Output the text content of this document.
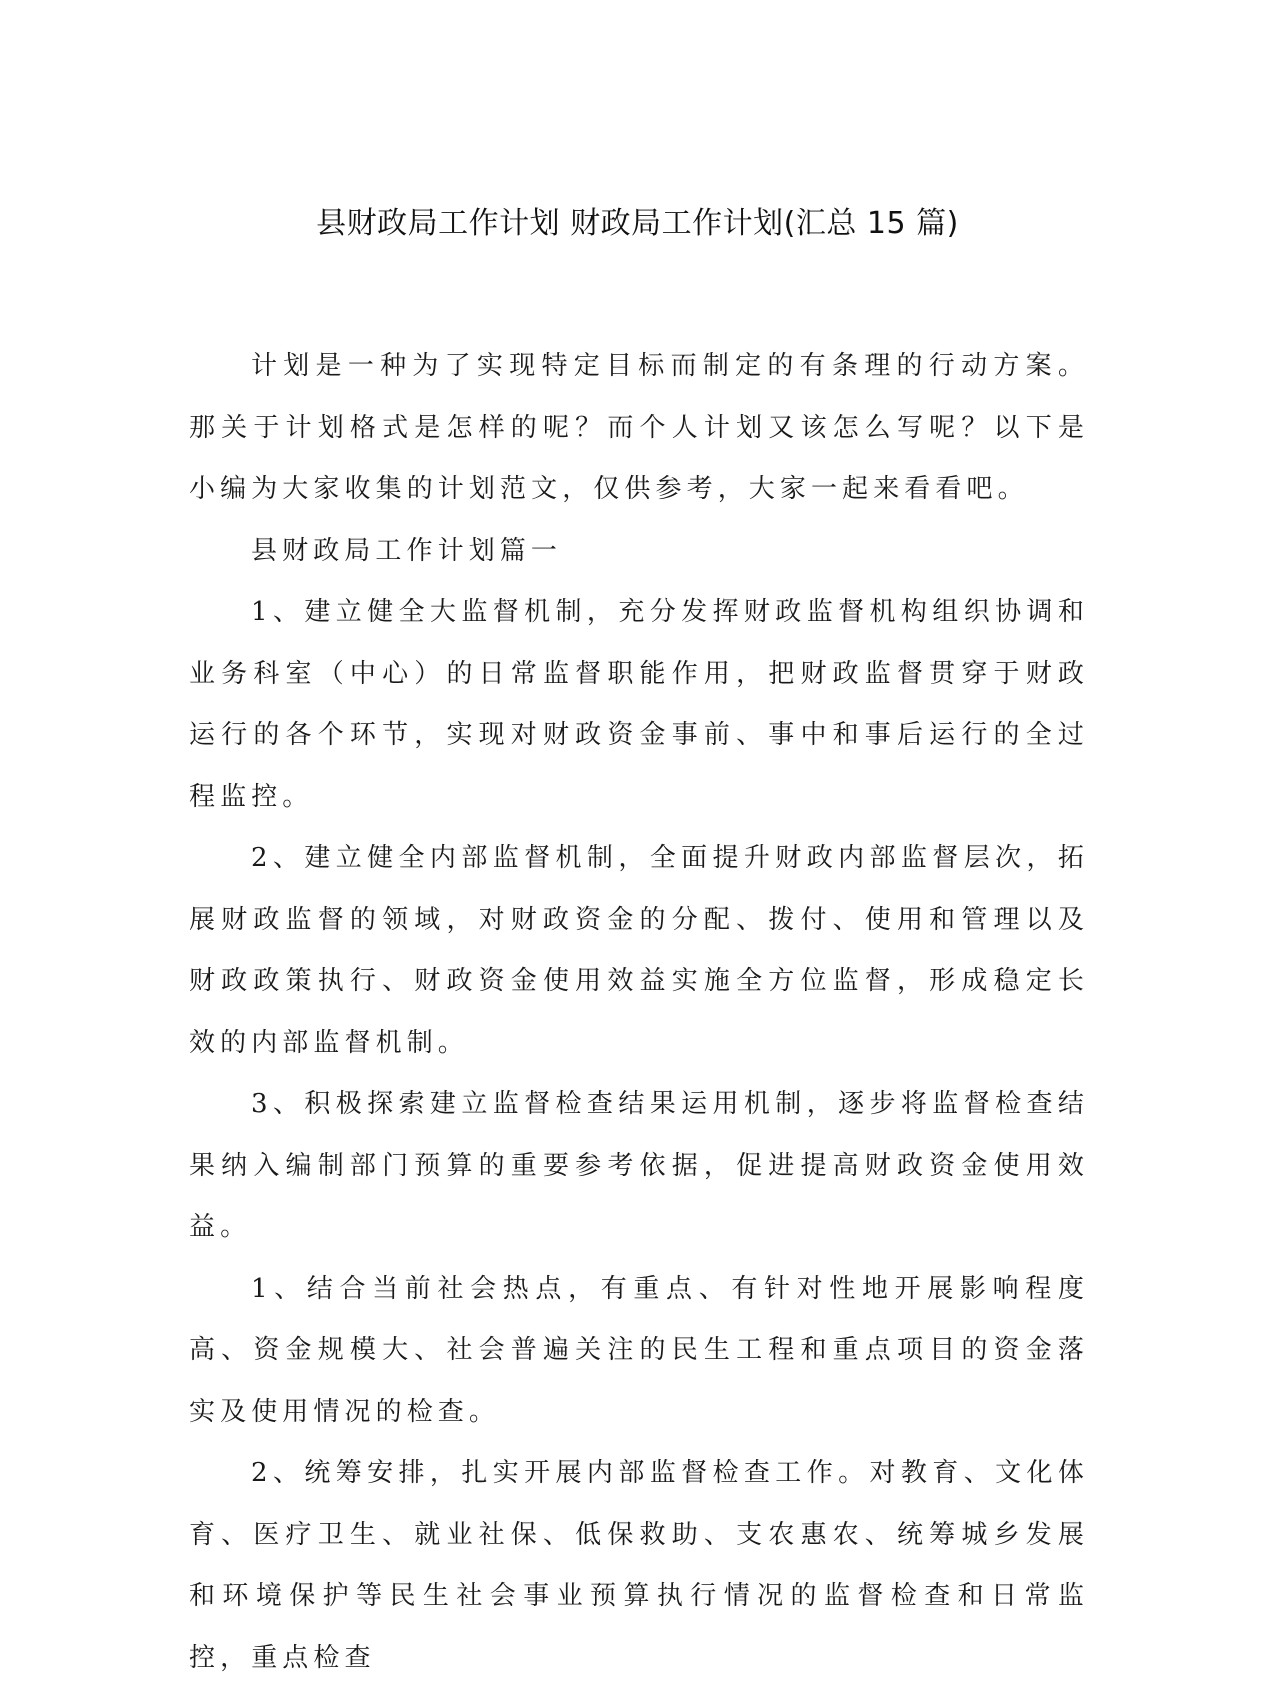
县财政局工作计划 财政局工作计划(汇总 15 篇)

计划是一种为了实现特定目标而制定的有条理的行动方案。那关于计划格式是怎样的呢？而个人计划又该怎么写呢？以下是小编为大家收集的计划范文，仅供参考，大家一起来看看吧。

县财政局工作计划篇一

1、建立健全大监督机制，充分发挥财政监督机构组织协调和业务科室（中心）的日常监督职能作用，把财政监督贯穿于财政运行的各个环节，实现对财政资金事前、事中和事后运行的全过程监控。

2、建立健全内部监督机制，全面提升财政内部监督层次，拓展财政监督的领域，对财政资金的分配、拨付、使用和管理以及财政政策执行、财政资金使用效益实施全方位监督，形成稳定长效的内部监督机制。

3、积极探索建立监督检查结果运用机制，逐步将监督检查结果纳入编制部门预算的重要参考依据，促进提高财政资金使用效益。

1、结合当前社会热点，有重点、有针对性地开展影响程度高、资金规模大、社会普遍关注的民生工程和重点项目的资金落实及使用情况的检查。

2、统筹安排，扎实开展内部监督检查工作。对教育、文化体育、医疗卫生、就业社保、低保救助、支农惠农、统筹城乡发展和环境保护等民生社会事业预算执行情况的监督检查和日常监控，重点检查
